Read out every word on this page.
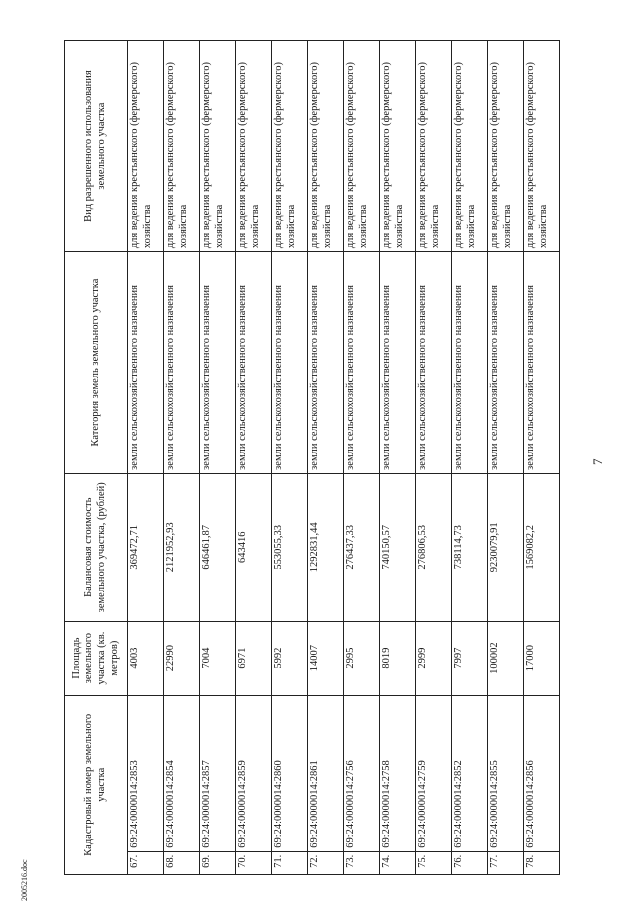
2005216.doc
7
Кадастровый номер земельного участка		Площадь земельного участка (кв. метров)	Балансовая стоимость земельного участка, (рублей)	Категория земель земельного участка	Вид разрешенного использования земельного участка
67.	69:24:0000014:2853	4003	369472,71	земли сельскохозяйственного назначения	для ведения крестьянского (фермерского) хозяйства
68.	69:24:0000014:2854	22990	2121952,93	земли сельскохозяйственного назначения	для ведения крестьянского (фермерского) хозяйства
69.	69:24:0000014:2857	7004	646461,87	земли сельскохозяйственного назначения	для ведения крестьянского (фермерского) хозяйства
70.	69:24:0000014:2859	6971	643416	земли сельскохозяйственного назначения	для ведения крестьянского (фермерского) хозяйства
71.	69:24:0000014:2860	5992	553055,33	земли сельскохозяйственного назначения	для ведения крестьянского (фермерского) хозяйства
72.	69:24:0000014:2861	14007	1292831,44	земли сельскохозяйственного назначения	для ведения крестьянского (фермерского) хозяйства
73.	69:24:0000014:2756	2995	276437,33	земли сельскохозяйственного назначения	для ведения крестьянского (фермерского) хозяйства
74.	69:24:0000014:2758	8019	740150,57	земли сельскохозяйственного назначения	для ведения крестьянского (фермерского) хозяйства
75.	69:24:0000014:2759	2999	276806,53	земли сельскохозяйственного назначения	для ведения крестьянского (фермерского) хозяйства
76.	69:24:0000014:2852	7997	738114,73	земли сельскохозяйственного назначения	для ведения крестьянского (фермерского) хозяйства
77.	69:24:0000014:2855	100002	9230079,91	земли сельскохозяйственного назначения	для ведения крестьянского (фермерского) хозяйства
78.	69:24:0000014:2856	17000	1569082,2	земли сельскохозяйственного назначения	для ведения крестьянского (фермерского) хозяйства
